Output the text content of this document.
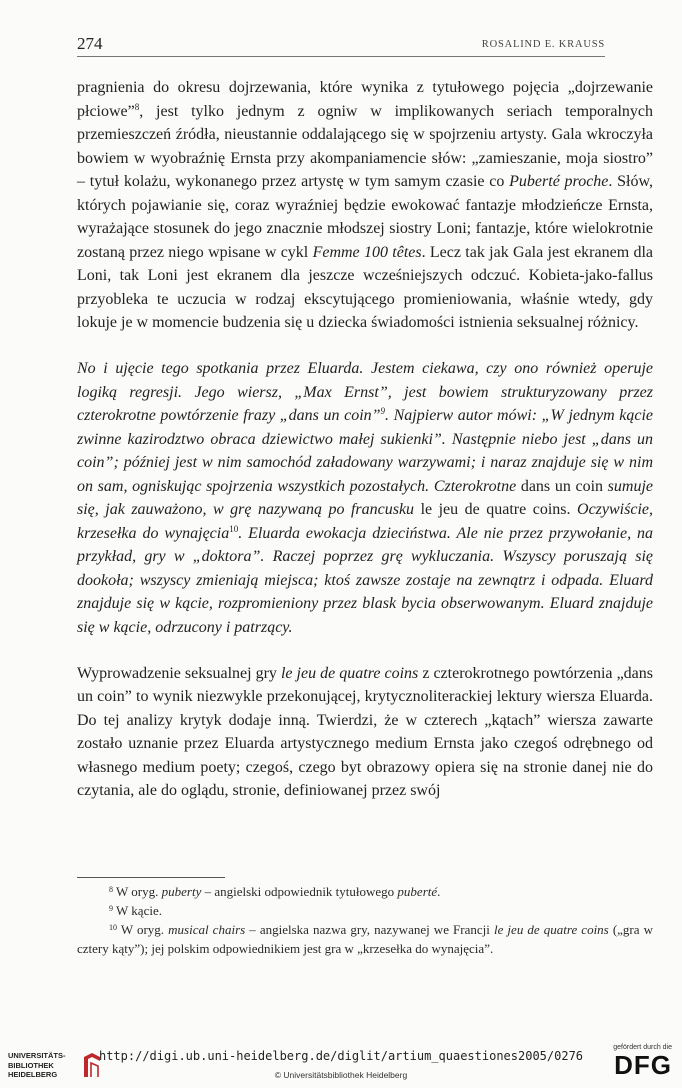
274	ROSALIND E. KRAUSS

pragnienia do okresu dojrzewania, które wynika z tytułowego pojęcia „dojrzewanie płciowe”$^8$, jest tylko jednym z ogniw w implikowanych seriach temporalnych przemieszczeń źródła, nieustannie oddalającego się w spojrzeniu artysty. Gala wkroczyła bowiem w wyobraźnię Ernsta przy akompaniamencie słów: „zamieszanie, moja siostro” – tytuł kolażu, wykonanego przez artystę w tym samym czasie co Puberté proche. Słów, których pojawianie się, coraz wyraźniej będzie ewokować fantazje młodzieńcze Ernsta, wyrażające stosunek do jego znacznie młodszej siostry Loni; fantazje, które wielokrotnie zostaną przez niego wpisane w cykl Femme 100 têtes. Lecz tak jak Gala jest ekranem dla Loni, tak Loni jest ekranem dla jeszcze wcześniejszych odczuć. Kobieta-jako-fallus przyobleka te uczucia w rodzaj ekscytującego promieniowania, właśnie wtedy, gdy lokuje je w momencie budzenia się u dziecka świadomości istnienia seksualnej różnicy.

No i ujęcie tego spotkania przez Eluarda. Jestem ciekawa, czy ono również operuje logiką regresji. Jego wiersz, „Max Ernst”, jest bowiem strukturyzowany przez czterokrotne powtórzenie frazy „dans un coin”$^9$. Najpierw autor mówi: „W jednym kącie zwinne kazirodztwo obraca dziewictwo małej sukienki”. Następnie niebo jest „dans un coin”; później jest w nim samochód załadowany warzywami; i naraz znajduje się w nim on sam, ogniskując spojrzenia wszystkich pozostałych. Czterokrotne dans un coin sumuje się, jak zauważono, w grę nazywaną po francusku le jeu de quatre coins. Oczywiście, krzesełka do wynajęcia$^{10}$. Eluarda ewokacja dzieciństwa. Ale nie przez przywołanie, na przykład, gry w „doktora”. Raczej poprzez grę wykluczania. Wszyscy poruszają się dookoła; wszyscy zmieniają miejsca; ktoś zawsze zostaje na zewnątrz i odpada. Eluard znajduje się w kącie, rozpromieniony przez blask bycia obserwowanym. Eluard znajduje się w kącie, odrzucony i patrzący.

Wyprowadzenie seksualnej gry le jeu de quatre coins z czterokrotnego powtórzenia „dans un coin” to wynik niezwykle przekonującej, krytycznoliterackiej lektury wiersza Eluarda. Do tej analizy krytyk dodaje inną. Twierdzi, że w czterech „kątach” wiersza zawarte zostało uznanie przez Eluarda artystycznego medium Ernsta jako czegoś odrębnego od własnego medium poety; czegoś, czego byt obrazowy opiera się na stronie danej nie do czytania, ale do oglądu, stronie, definiowanej przez swój

$^8$ W oryg. puberty – angielski odpowiednik tytułowego puberté.

$^9$ W kącie.

$^{10}$ W oryg. musical chairs – angielska nazwa gry, nazywanej we Francji le jeu de quatre coins („gra w cztery kąty”); jej polskim odpowiednikiem jest gra w „krzesełka do wynajęcia”.

UNIVERSITÄTS-
BIBLIOTHEK
HEIDELBERG
http://digi.ub.uni-heidelberg.de/diglit/artium_quaestiones2005/0276
© Universitätsbibliothek Heidelberg
gefördert durch die
DFG
